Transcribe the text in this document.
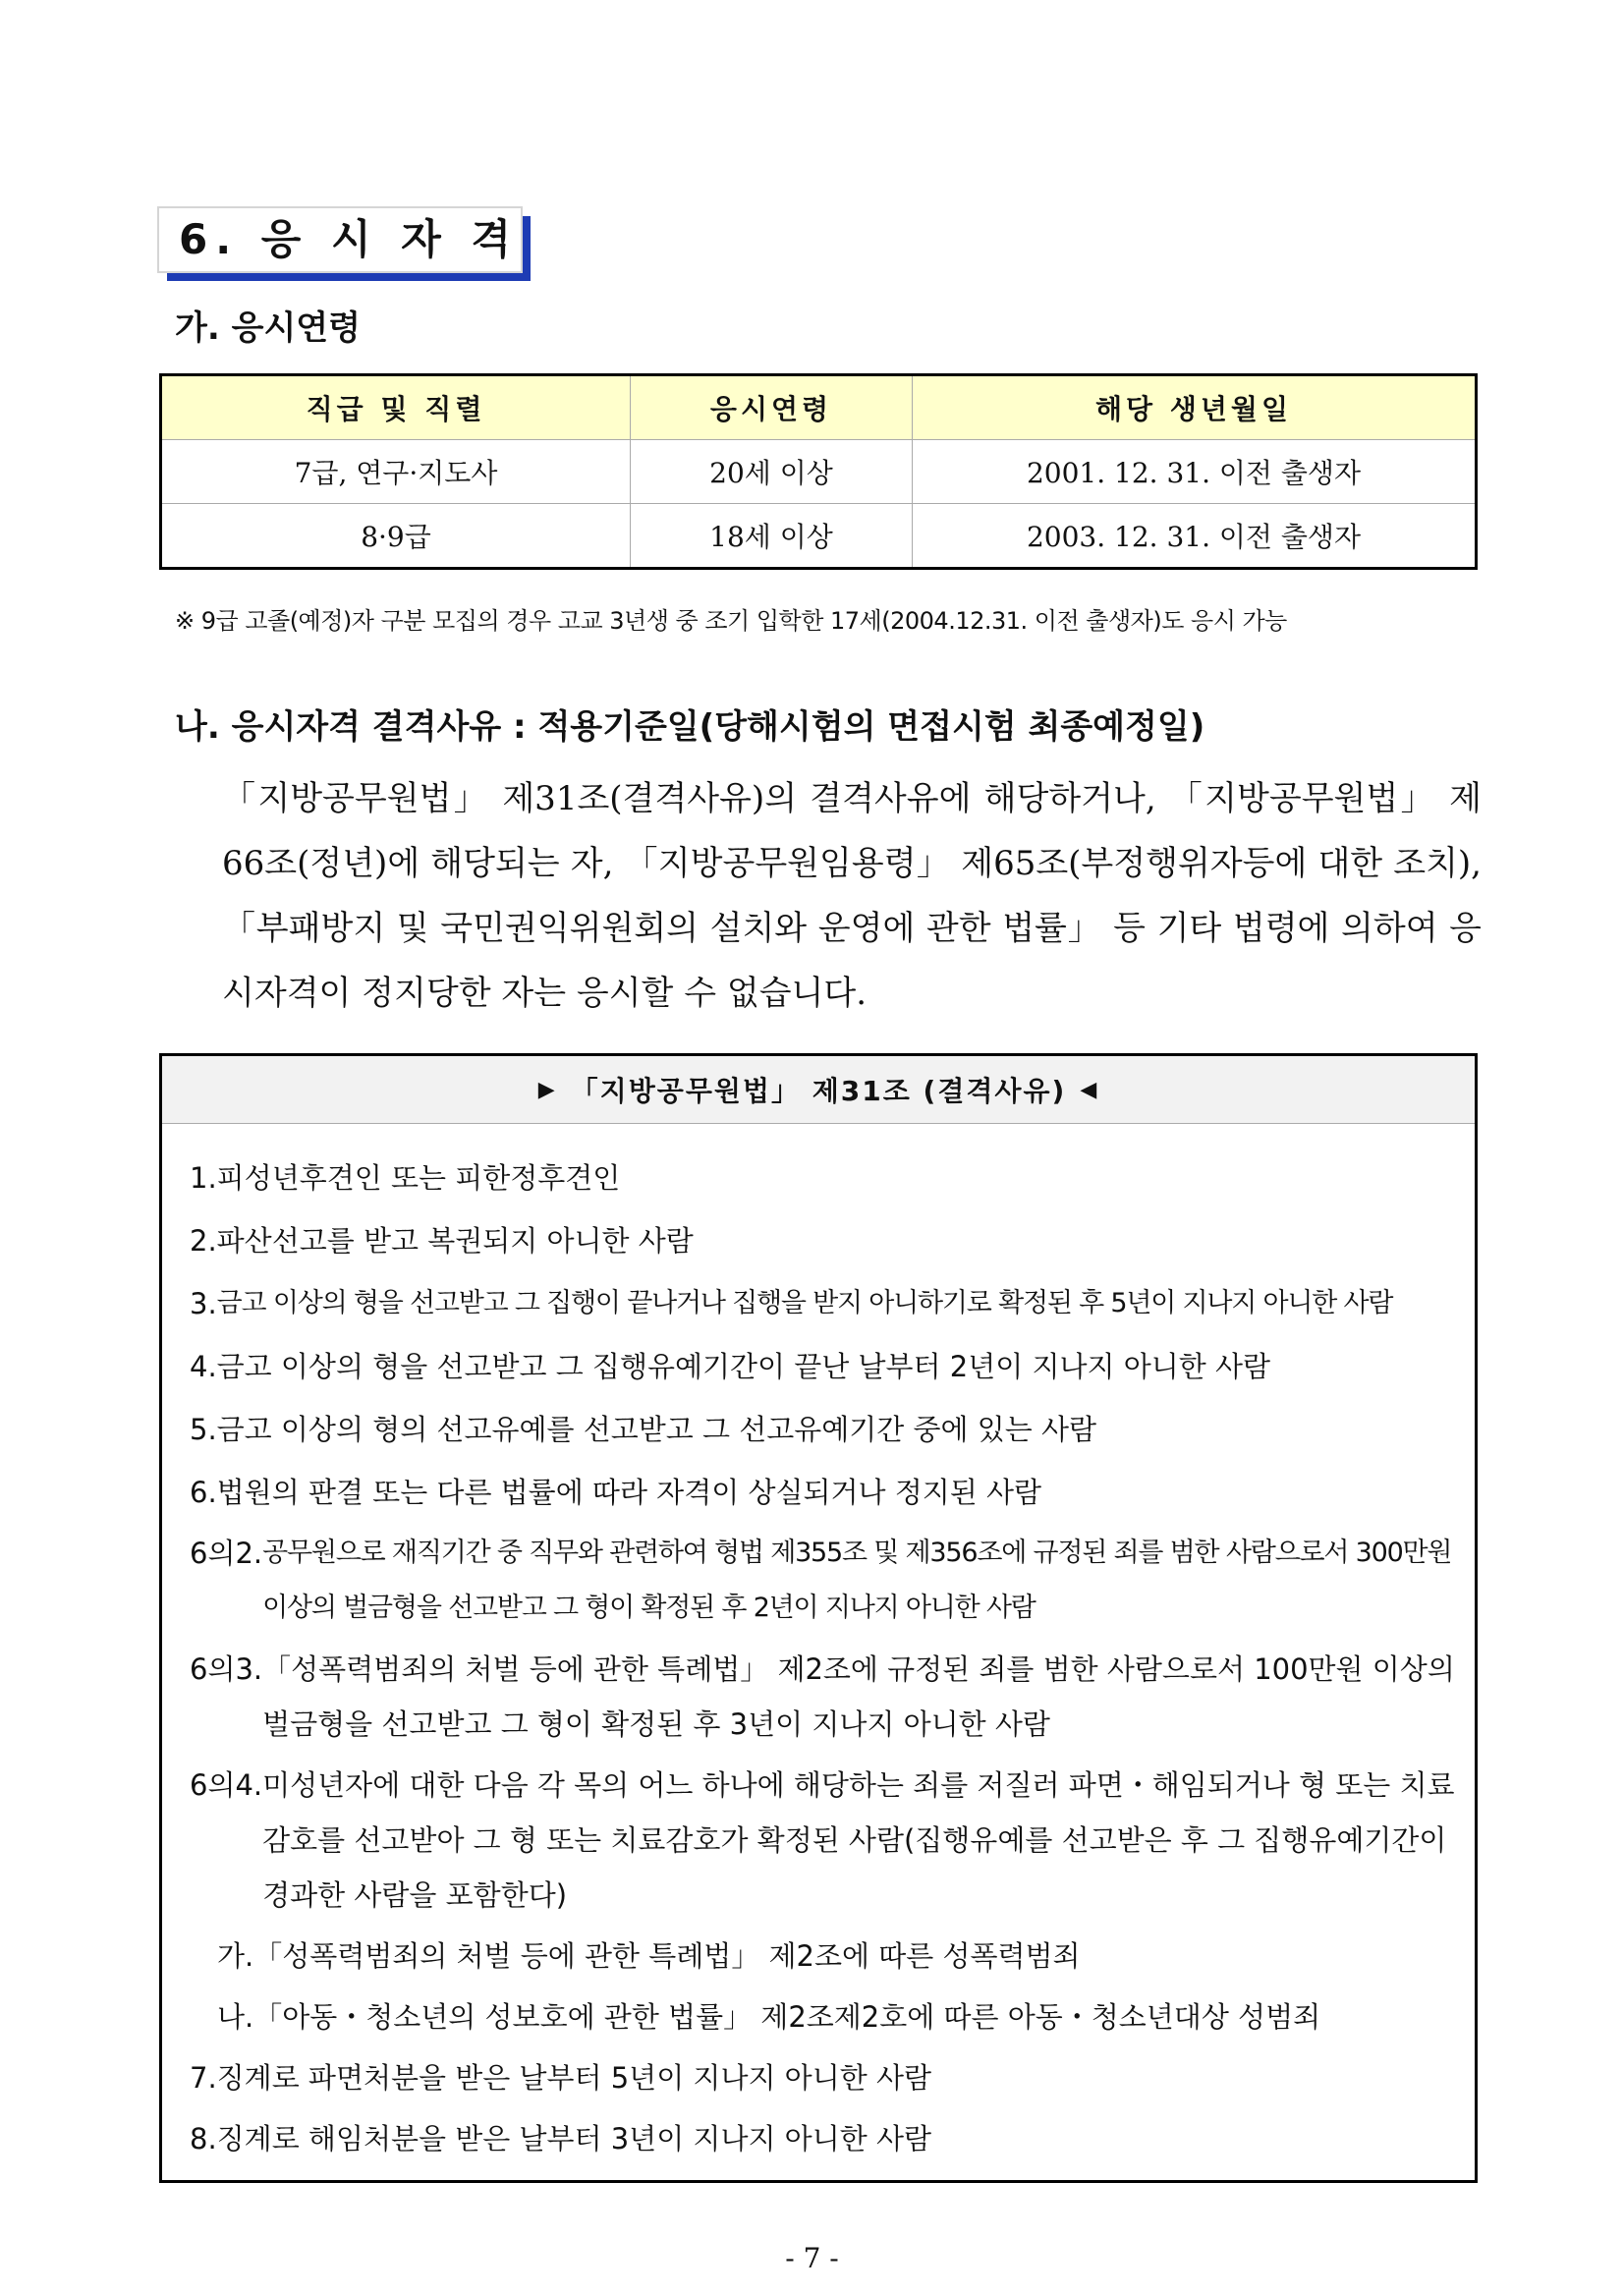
6. 응 시 자 격
가. 응시연령
직급 및 직렬	응시연령	해당 생년월일
7급, 연구·지도사	20세 이상	2001. 12. 31. 이전 출생자
8·9급	18세 이상	2003. 12. 31. 이전 출생자
※ 9급 고졸(예정)자 구분 모집의 경우 고교 3년생 중 조기 입학한 17세(2004.12.31. 이전 출생자)도 응시 가능
나. 응시자격 결격사유 : 적용기준일(당해시험의 면접시험 최종예정일)
「지방공무원법」 제31조(결격사유)의 결격사유에 해당하거나, 「지방공무원법」 제66조(정년)에 해당되는 자, 「지방공무원임용령」 제65조(부정행위자등에 대한 조치), 「부패방지 및 국민권익위원회의 설치와 운영에 관한 법률」 등 기타 법령에 의하여 응시자격이 정지당한 자는 응시할 수 없습니다.
▶ 「지방공무원법」 제31조 (결격사유) ◀
1. 피성년후견인 또는 피한정후견인
2. 파산선고를 받고 복권되지 아니한 사람
3. 금고 이상의 형을 선고받고 그 집행이 끝나거나 집행을 받지 아니하기로 확정된 후 5년이 지나지 아니한 사람
4. 금고 이상의 형을 선고받고 그 집행유예기간이 끝난 날부터 2년이 지나지 아니한 사람
5. 금고 이상의 형의 선고유예를 선고받고 그 선고유예기간 중에 있는 사람
6. 법원의 판결 또는 다른 법률에 따라 자격이 상실되거나 정지된 사람
6의2. 공무원으로 재직기간 중 직무와 관련하여 형법 제355조 및 제356조에 규정된 죄를 범한 사람으로서 300만원 이상의 벌금형을 선고받고 그 형이 확정된 후 2년이 지나지 아니한 사람
6의3. 「성폭력범죄의 처벌 등에 관한 특례법」 제2조에 규정된 죄를 범한 사람으로서 100만원 이상의 벌금형을 선고받고 그 형이 확정된 후 3년이 지나지 아니한 사람
6의4. 미성년자에 대한 다음 각 목의 어느 하나에 해당하는 죄를 저질러 파면・해임되거나 형 또는 치료감호를 선고받아 그 형 또는 치료감호가 확정된 사람(집행유예를 선고받은 후 그 집행유예기간이 경과한 사람을 포함한다)
가. 「성폭력범죄의 처벌 등에 관한 특례법」 제2조에 따른 성폭력범죄
나. 「아동・청소년의 성보호에 관한 법률」 제2조제2호에 따른 아동・청소년대상 성범죄
7. 징계로 파면처분을 받은 날부터 5년이 지나지 아니한 사람
8. 징계로 해임처분을 받은 날부터 3년이 지나지 아니한 사람
- 7 -
